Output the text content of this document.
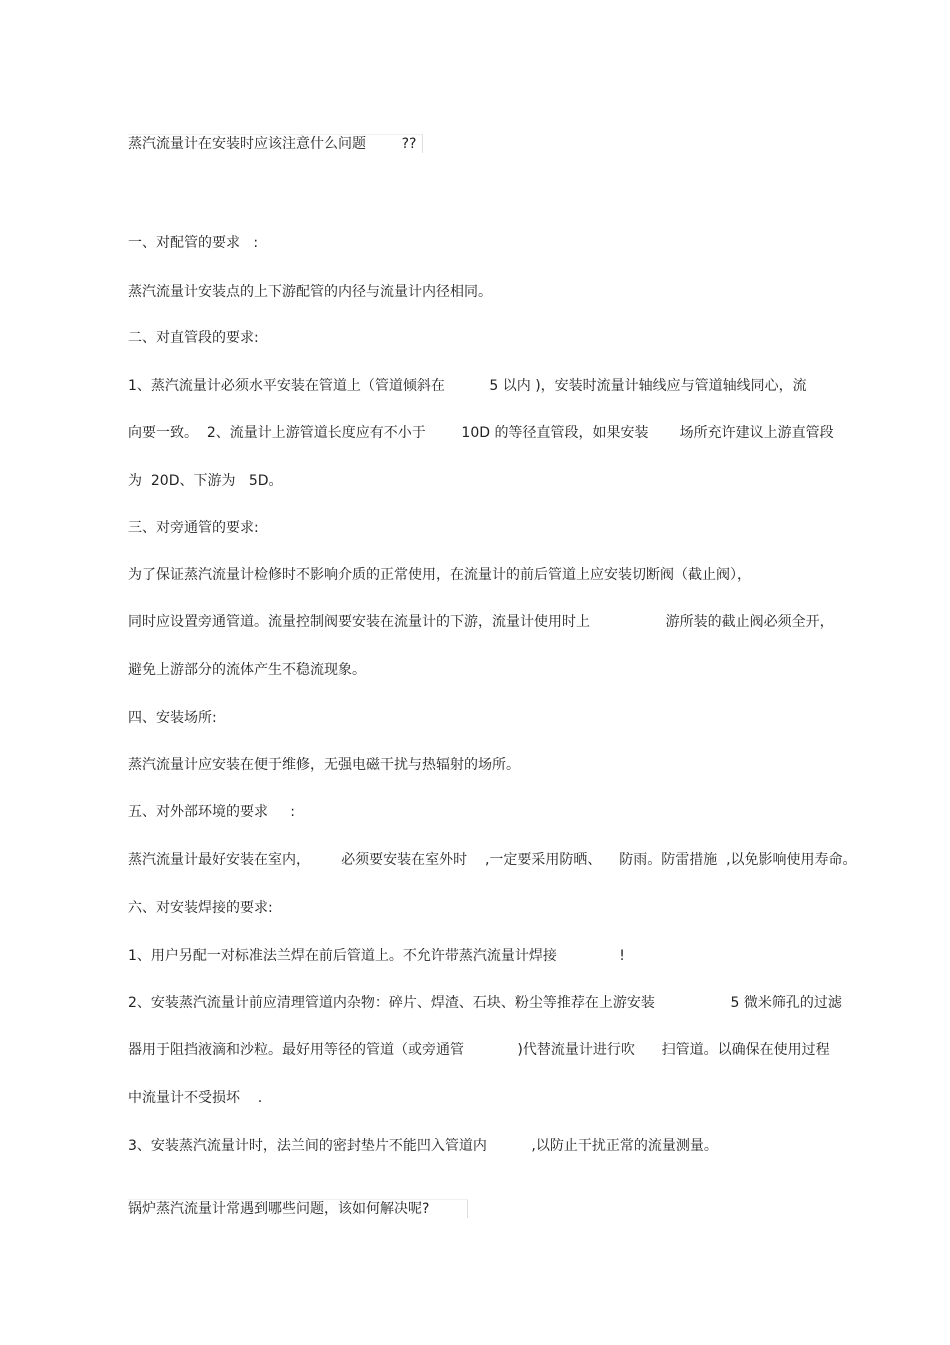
蒸汽流量计在安装时应该注意什么问题        ??
一、对配管的要求   :
蒸汽流量计安装点的上下游配管的内径与流量计内径相同。
二、对直管段的要求:
1、蒸汽流量计必须水平安装在管道上（管道倾斜在          5 以内 )，安装时流量计轴线应与管道轴线同心，流
向要一致。  2、流量计上游管道长度应有不小于        10D 的等径直管段，如果安装       场所充许建议上游直管段
为  20D、下游为   5D。
三、对旁通管的要求:
为了保证蒸汽流量计检修时不影响介质的正常使用，在流量计的前后管道上应安装切断阀（截止阀），
同时应设置旁通管道。流量控制阀要安装在流量计的下游，流量计使用时上                 游所装的截止阀必须全开，
避免上游部分的流体产生不稳流现象。
四、安装场所:
蒸汽流量计应安装在便于维修，无强电磁干扰与热辐射的场所。
五、对外部环境的要求     :
蒸汽流量计最好安装在室内，       必须要安装在室外时    ,一定要采用防晒、    防雨。防雷措施  ,以免影响使用寿命。
六、对安装焊接的要求:
1、用户另配一对标准法兰焊在前后管道上。不允许带蒸汽流量计焊接              !
2、安装蒸汽流量计前应清理管道内杂物：碎片、焊渣、石块、粉尘等推荐在上游安装                 5 微米筛孔的过滤
器用于阻挡液滴和沙粒。最好用等径的管道（或旁通管            )代替流量计进行吹      扫管道。以确保在使用过程
中流量计不受损坏    .
3、安装蒸汽流量计时，法兰间的密封垫片不能凹入管道内          ,以防止干扰正常的流量测量。
锅炉蒸汽流量计常遇到哪些问题，该如何解决呢?
